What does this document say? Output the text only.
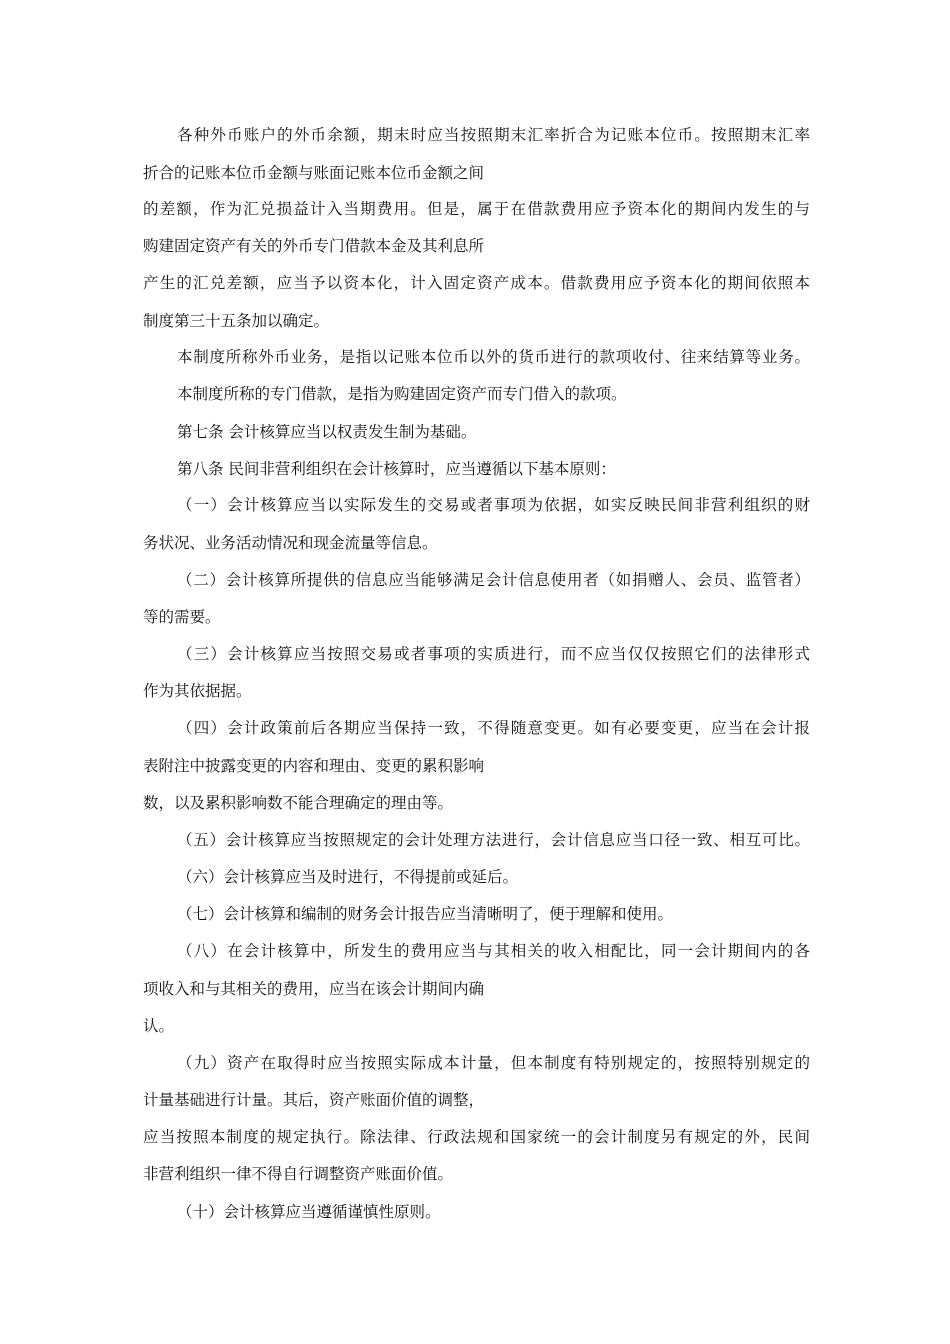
各种外币账户的外币余额，期末时应当按照期末汇率折合为记账本位币。按照期末汇率
折合的记账本位币金额与账面记账本位币金额之间
的差额，作为汇兑损益计入当期费用。但是，属于在借款费用应予资本化的期间内发生的与
购建固定资产有关的外币专门借款本金及其利息所
产生的汇兑差额，应当予以资本化，计入固定资产成本。借款费用应予资本化的期间依照本
制度第三十五条加以确定。
本制度所称外币业务，是指以记账本位币以外的货币进行的款项收付、往来结算等业务。
本制度所称的专门借款，是指为购建固定资产而专门借入的款项。
第七条 会计核算应当以权责发生制为基础。
第八条 民间非营利组织在会计核算时，应当遵循以下基本原则：
（一）会计核算应当以实际发生的交易或者事项为依据，如实反映民间非营利组织的财
务状况、业务活动情况和现金流量等信息。
（二）会计核算所提供的信息应当能够满足会计信息使用者（如捐赠人、会员、监管者）
等的需要。
（三）会计核算应当按照交易或者事项的实质进行，而不应当仅仅按照它们的法律形式
作为其依据据。
（四）会计政策前后各期应当保持一致，不得随意变更。如有必要变更，应当在会计报
表附注中披露变更的内容和理由、变更的累积影响
数，以及累积影响数不能合理确定的理由等。
（五）会计核算应当按照规定的会计处理方法进行，会计信息应当口径一致、相互可比。
（六）会计核算应当及时进行，不得提前或延后。
（七）会计核算和编制的财务会计报告应当清晰明了，便于理解和使用。
（八）在会计核算中，所发生的费用应当与其相关的收入相配比，同一会计期间内的各
项收入和与其相关的费用，应当在该会计期间内确
认。
（九）资产在取得时应当按照实际成本计量，但本制度有特别规定的，按照特别规定的
计量基础进行计量。其后，资产账面价值的调整，
应当按照本制度的规定执行。除法律、行政法规和国家统一的会计制度另有规定的外，民间
非营利组织一律不得自行调整资产账面价值。
（十）会计核算应当遵循谨慎性原则。
